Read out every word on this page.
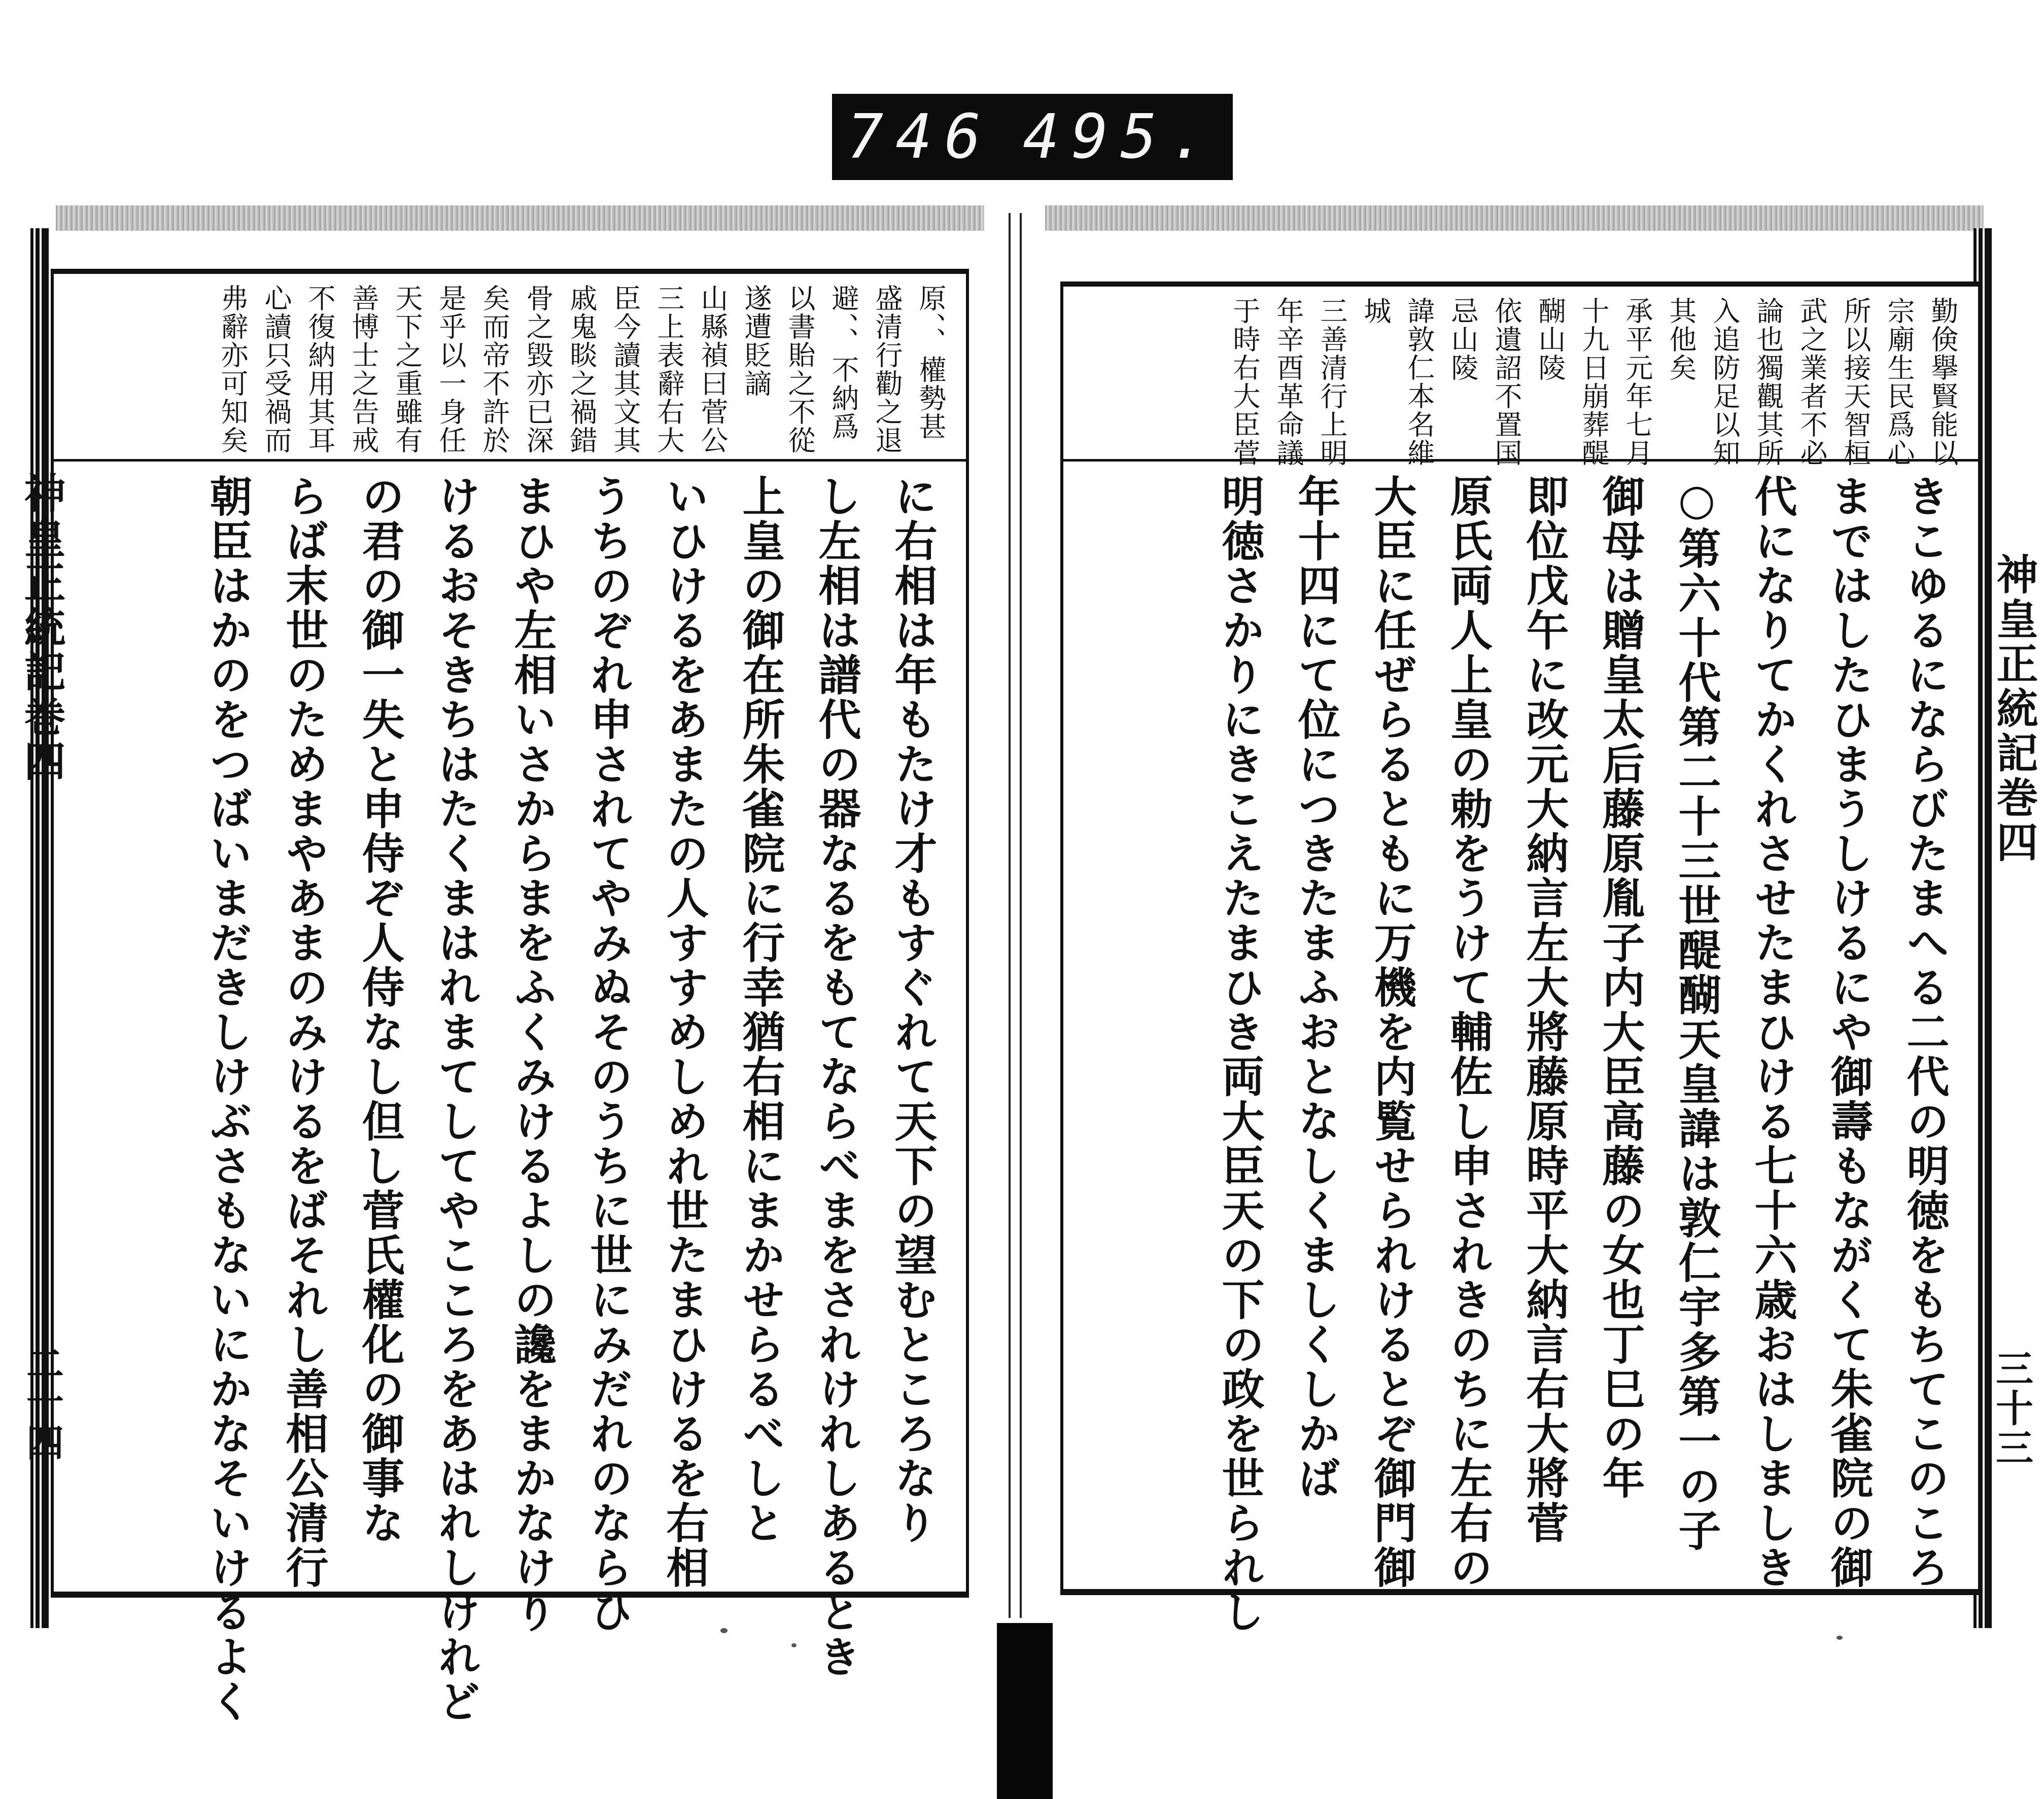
746 495.
原、、權勢甚
盛清行勸之退
避、、不納爲
以書貽之不從
遂遭貶謫
山縣禎曰菅公
三上表辭右大
臣今讀其文其
戚鬼睒之禍錯
骨之毀亦已深
矣而帝不許於
是乎以一身任
天下之重雖有
善博士之告戒
不復納用其耳
心讀只受禍而
弗辭亦可知矣
に右相は年もたけ才もすぐれて天下の望むところなり
し左相は譜代の器なるをもてならべまをされけれしあるとき
上皇の御在所朱雀院に行幸猶右相にまかせらるべしと
いひけるをあまたの人すすめしめれ世たまひけるを右相
うちのぞれ申されてやみぬそのうちに世にみだれのならひ
まひや左相いさからまをふくみけるよしの讒をまかなけり
けるおそきちはたくまはれまてしてやこころをあはれしけれど
の君の御一失と申侍ぞ人侍なし但し菅氏權化の御事な
らば末世のためまやあまのみけるをばそれし善相公清行
朝臣はかのをつばいまだきしけぶさもないにかなそいけるよく
神皇正統記巻四
二十四
勤倹擧賢能以
宗廟生民爲心
所以接天智桓
武之業者不必
論也獨觀其所
入追防足以知
其他矣
承平元年七月
十九日崩葬醍
醐山陵
依遺詔不置国
忌山陵
諱敦仁本名維
城
三善清行上明
年辛酉革命議
于時右大臣菅
きこゆるにならびたまへる二代の明徳をもちてこのころ
まではしたひまうしけるにや御壽もながくて朱雀院の御
代になりてかくれさせたまひける七十六歳おはしましき
○第六十代第二十三世醍醐天皇諱は敦仁宇多第一の子
御母は贈皇太后藤原胤子内大臣高藤の女也丁巳の年
即位戊午に改元大納言左大將藤原時平大納言右大將菅
原氏両人上皇の勅をうけて輔佐し申されきのちに左右の
大臣に任ぜらるともに万機を内覧せられけるとぞ御門御
年十四にて位につきたまふおとなしくましくしかば
明徳さかりにきこえたまひき両大臣天の下の政を世られし	神皇正統記巻四
三十三
